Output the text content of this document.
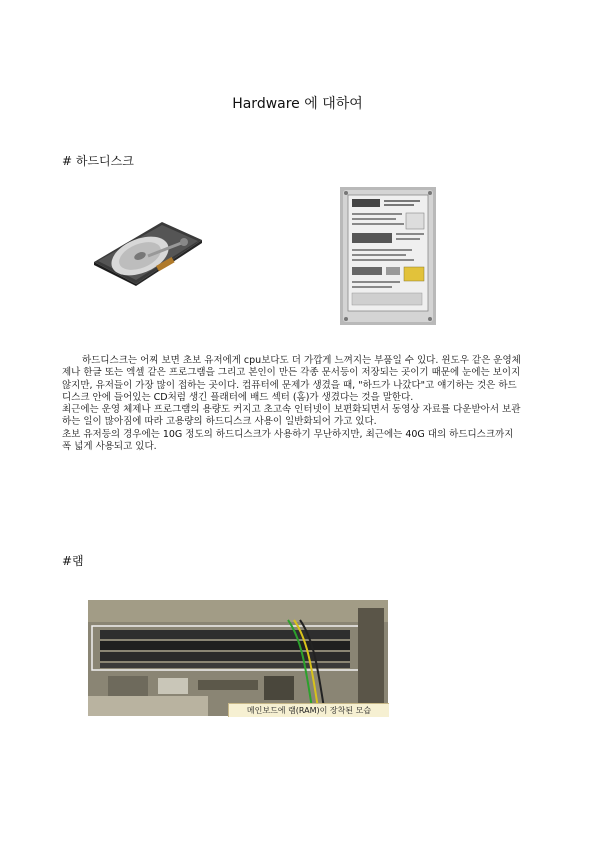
Hardware 에 대하여
# 하드디스크

하드디스크는 어찌 보면 초보 유저에게 cpu보다도 더 가깝게 느껴지는 부품일 수 있다. 윈도우 같은 운영체제나 한글 또는 엑셀 같은 프로그램을 그리고 본인이 만든 각종 문서등이 저장되는 곳이기 때문에 눈에는 보이지 않지만, 유저들이 가장 많이 접하는 곳이다. 컴퓨터에 문제가 생겼을 때, "하드가 나갔다"고 얘기하는 것은 하드디스크 안에 들어있는 CD처럼 생긴 플래터에 배드 섹터 (홈)가 생겼다는 것을 말한다.

최근에는 운영 체제나 프로그램의 용량도 커지고 초고속 인터넷이 보편화되면서 동영상 자료를 다운받아서 보관하는 일이 많아짐에 따라 고용량의 하드디스크 사용이 일반화되어 가고 있다.

초보 유저등의 경우에는 10G 정도의 하드디스크가 사용하기 무난하지만, 최근에는 40G 대의 하드디스크까지 폭 넓게 사용되고 있다.

#램
메인보드에 램(RAM)이 장착된 모습
